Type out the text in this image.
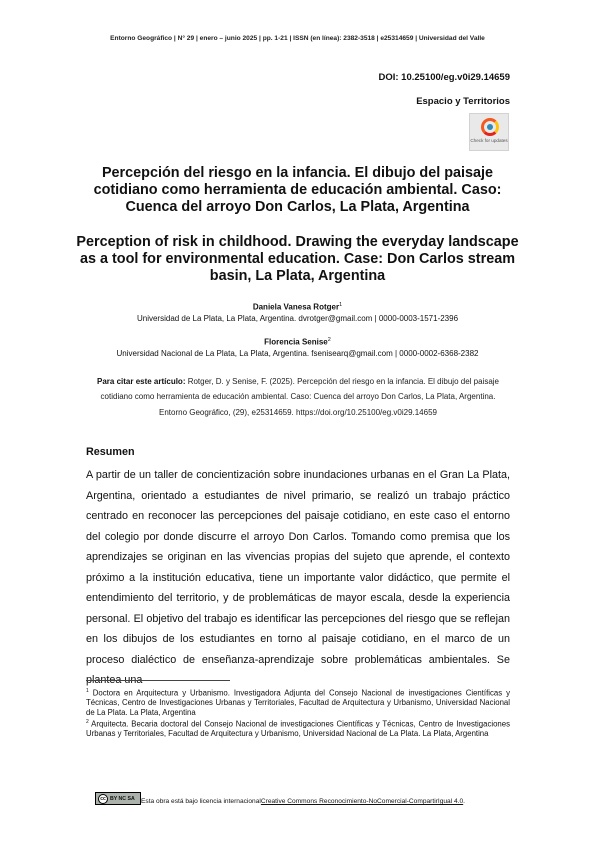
Entorno Geográfico | N° 29 | enero – junio 2025 | pp. 1-21 | ISSN (en línea): 2382-3518 | e25314659 | Universidad del Valle
DOI: 10.25100/eg.v0i29.14659
Espacio y Territorios
Check for updates
Percepción del riesgo en la infancia. El dibujo del paisaje cotidiano como herramienta de educación ambiental. Caso: Cuenca del arroyo Don Carlos, La Plata, Argentina
Perception of risk in childhood. Drawing the everyday landscape as a tool for environmental education. Case: Don Carlos stream basin, La Plata, Argentina
Daniela Vanesa Rotger$^1$
Universidad de La Plata, La Plata, Argentina. dvrotger@gmail.com | 0000-0003-1571-2396
Florencia Senise$^2$
Universidad Nacional de La Plata, La Plata, Argentina. fsenisearq@gmail.com | 0000-0002-6368-2382
Para citar este artículo: Rotger, D. y Senise, F. (2025). Percepción del riesgo en la infancia. El dibujo del paisaje cotidiano como herramienta de educación ambiental. Caso: Cuenca del arroyo Don Carlos, La Plata, Argentina. Entorno Geográfico, (29), e25314659. https://doi.org/10.25100/eg.v0i29.14659
Resumen

A partir de un taller de concientización sobre inundaciones urbanas en el Gran La Plata, Argentina, orientado a estudiantes de nivel primario, se realizó un trabajo práctico centrado en reconocer las percepciones del paisaje cotidiano, en este caso el entorno del colegio por donde discurre el arroyo Don Carlos. Tomando como premisa que los aprendizajes se originan en las vivencias propias del sujeto que aprende, el contexto próximo a la institución educativa, tiene un importante valor didáctico, que permite el entendimiento del territorio, y de problemáticas de mayor escala, desde la experiencia personal. El objetivo del trabajo es identificar las percepciones del riesgo que se reflejan en los dibujos de los estudiantes en torno al paisaje cotidiano, en el marco de un proceso dialéctico de enseñanza-aprendizaje sobre problemáticas ambientales. Se plantea una

$^1$ Doctora en Arquitectura y Urbanismo. Investigadora Adjunta del Consejo Nacional de investigaciones Científicas y Técnicas, Centro de Investigaciones Urbanas y Territoriales, Facultad de Arquitectura y Urbanismo, Universidad Nacional de La Plata. La Plata, Argentina

$^2$ Arquitecta. Becaria doctoral del Consejo Nacional de investigaciones Científicas y Técnicas, Centro de Investigaciones Urbanas y Territoriales, Facultad de Arquitectura y Urbanismo, Universidad Nacional de La Plata. La Plata, Argentina

cc BY NC SA Esta obra está bajo licencia internacional Creative Commons Reconocimiento-NoComercial-CompartirIgual 4.0 .
